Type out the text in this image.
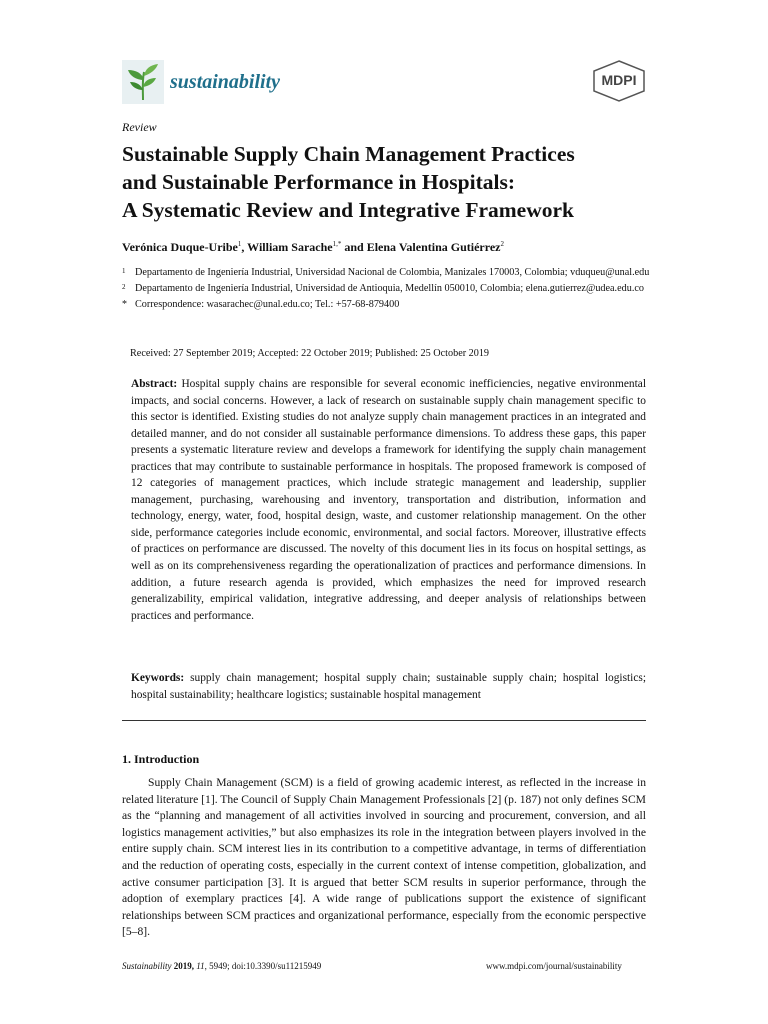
sustainability	MDPI
Review
Sustainable Supply Chain Management Practices
and Sustainable Performance in Hospitals:
A Systematic Review and Integrative Framework
Verónica Duque-Uribe$^1$, William Sarache$^{1,*}$ and Elena Valentina Gutiérrez$^2$
1 Departamento de Ingeniería Industrial, Universidad Nacional de Colombia, Manizales 170003, Colombia; vduqueu@unal.edu
2 Departamento de Ingeniería Industrial, Universidad de Antioquia, Medellín 050010, Colombia; elena.gutierrez@udea.edu.co
* Correspondence: wasarachec@unal.edu.co; Tel.: +57-68-879400
Received: 27 September 2019; Accepted: 22 October 2019; Published: 25 October 2019
Abstract: Hospital supply chains are responsible for several economic inefficiencies, negative environmental impacts, and social concerns. However, a lack of research on sustainable supply chain management specific to this sector is identified. Existing studies do not analyze supply chain management practices in an integrated and detailed manner, and do not consider all sustainable performance dimensions. To address these gaps, this paper presents a systematic literature review and develops a framework for identifying the supply chain management practices that may contribute to sustainable performance in hospitals. The proposed framework is composed of 12 categories of management practices, which include strategic management and leadership, supplier management, purchasing, warehousing and inventory, transportation and distribution, information and technology, energy, water, food, hospital design, waste, and customer relationship management. On the other side, performance categories include economic, environmental, and social factors. Moreover, illustrative effects of practices on performance are discussed. The novelty of this document lies in its focus on hospital settings, as well as on its comprehensiveness regarding the operationalization of practices and performance dimensions. In addition, a future research agenda is provided, which emphasizes the need for improved research generalizability, empirical validation, integrative addressing, and deeper analysis of relationships between practices and performance.
Keywords: supply chain management; hospital supply chain; sustainable supply chain; hospital logistics; hospital sustainability; healthcare logistics; sustainable hospital management
1. Introduction
Supply Chain Management (SCM) is a field of growing academic interest, as reflected in the increase in related literature [1]. The Council of Supply Chain Management Professionals [2] (p. 187) not only defines SCM as the “planning and management of all activities involved in sourcing and procurement, conversion, and all logistics management activities,” but also emphasizes its role in the integration between players involved in the entire supply chain. SCM interest lies in its contribution to a competitive advantage, in terms of differentiation and the reduction of operating costs, especially in the current context of intense competition, globalization, and active consumer participation [3]. It is argued that better SCM results in superior performance, through the adoption of exemplary practices [4]. A wide range of publications support the existence of significant relationships between SCM practices and organizational performance, especially from the economic perspective [5–8].
Sustainability 2019, 11, 5949; doi:10.3390/su11215949	www.mdpi.com/journal/sustainability
